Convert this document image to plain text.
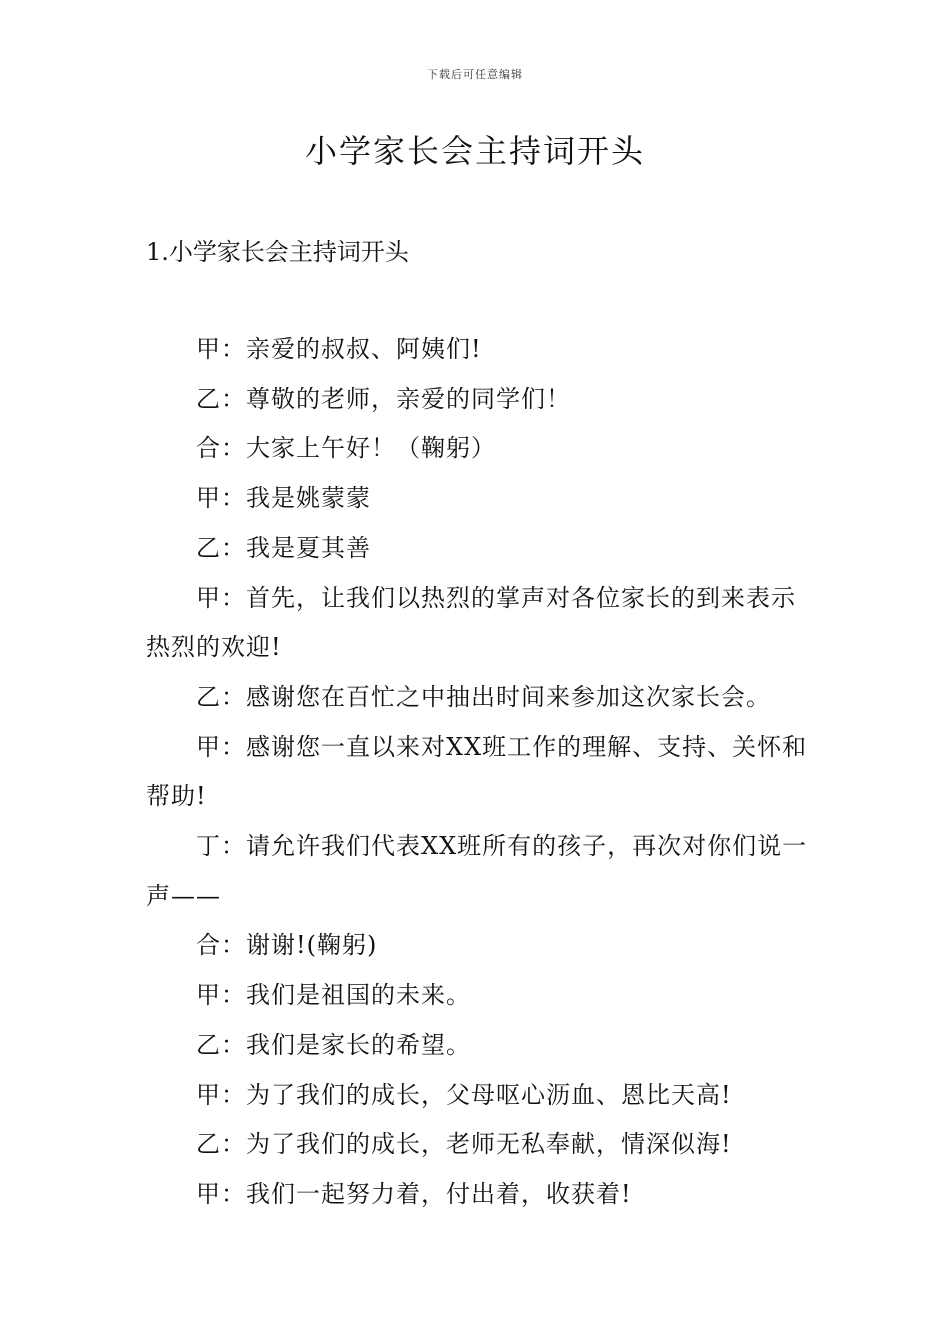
下载后可任意编辑
小学家长会主持词开头
1.小学家长会主持词开头

甲：亲爱的叔叔、阿姨们!

乙：尊敬的老师，亲爱的同学们！

合：大家上午好！（鞠躬）

甲：我是姚蒙蒙

乙：我是夏其善

甲：首先，让我们以热烈的掌声对各位家长的到来表示热烈的欢迎!

乙：感谢您在百忙之中抽出时间来参加这次家长会。

甲：感谢您一直以来对XX班工作的理解、支持、关怀和帮助!

丁：请允许我们代表XX班所有的孩子，再次对你们说一声——

合：谢谢!(鞠躬)

甲：我们是祖国的未来。

乙：我们是家长的希望。

甲：为了我们的成长，父母呕心沥血、恩比天高!

乙：为了我们的成长，老师无私奉献，情深似海!

甲：我们一起努力着，付出着，收获着!
